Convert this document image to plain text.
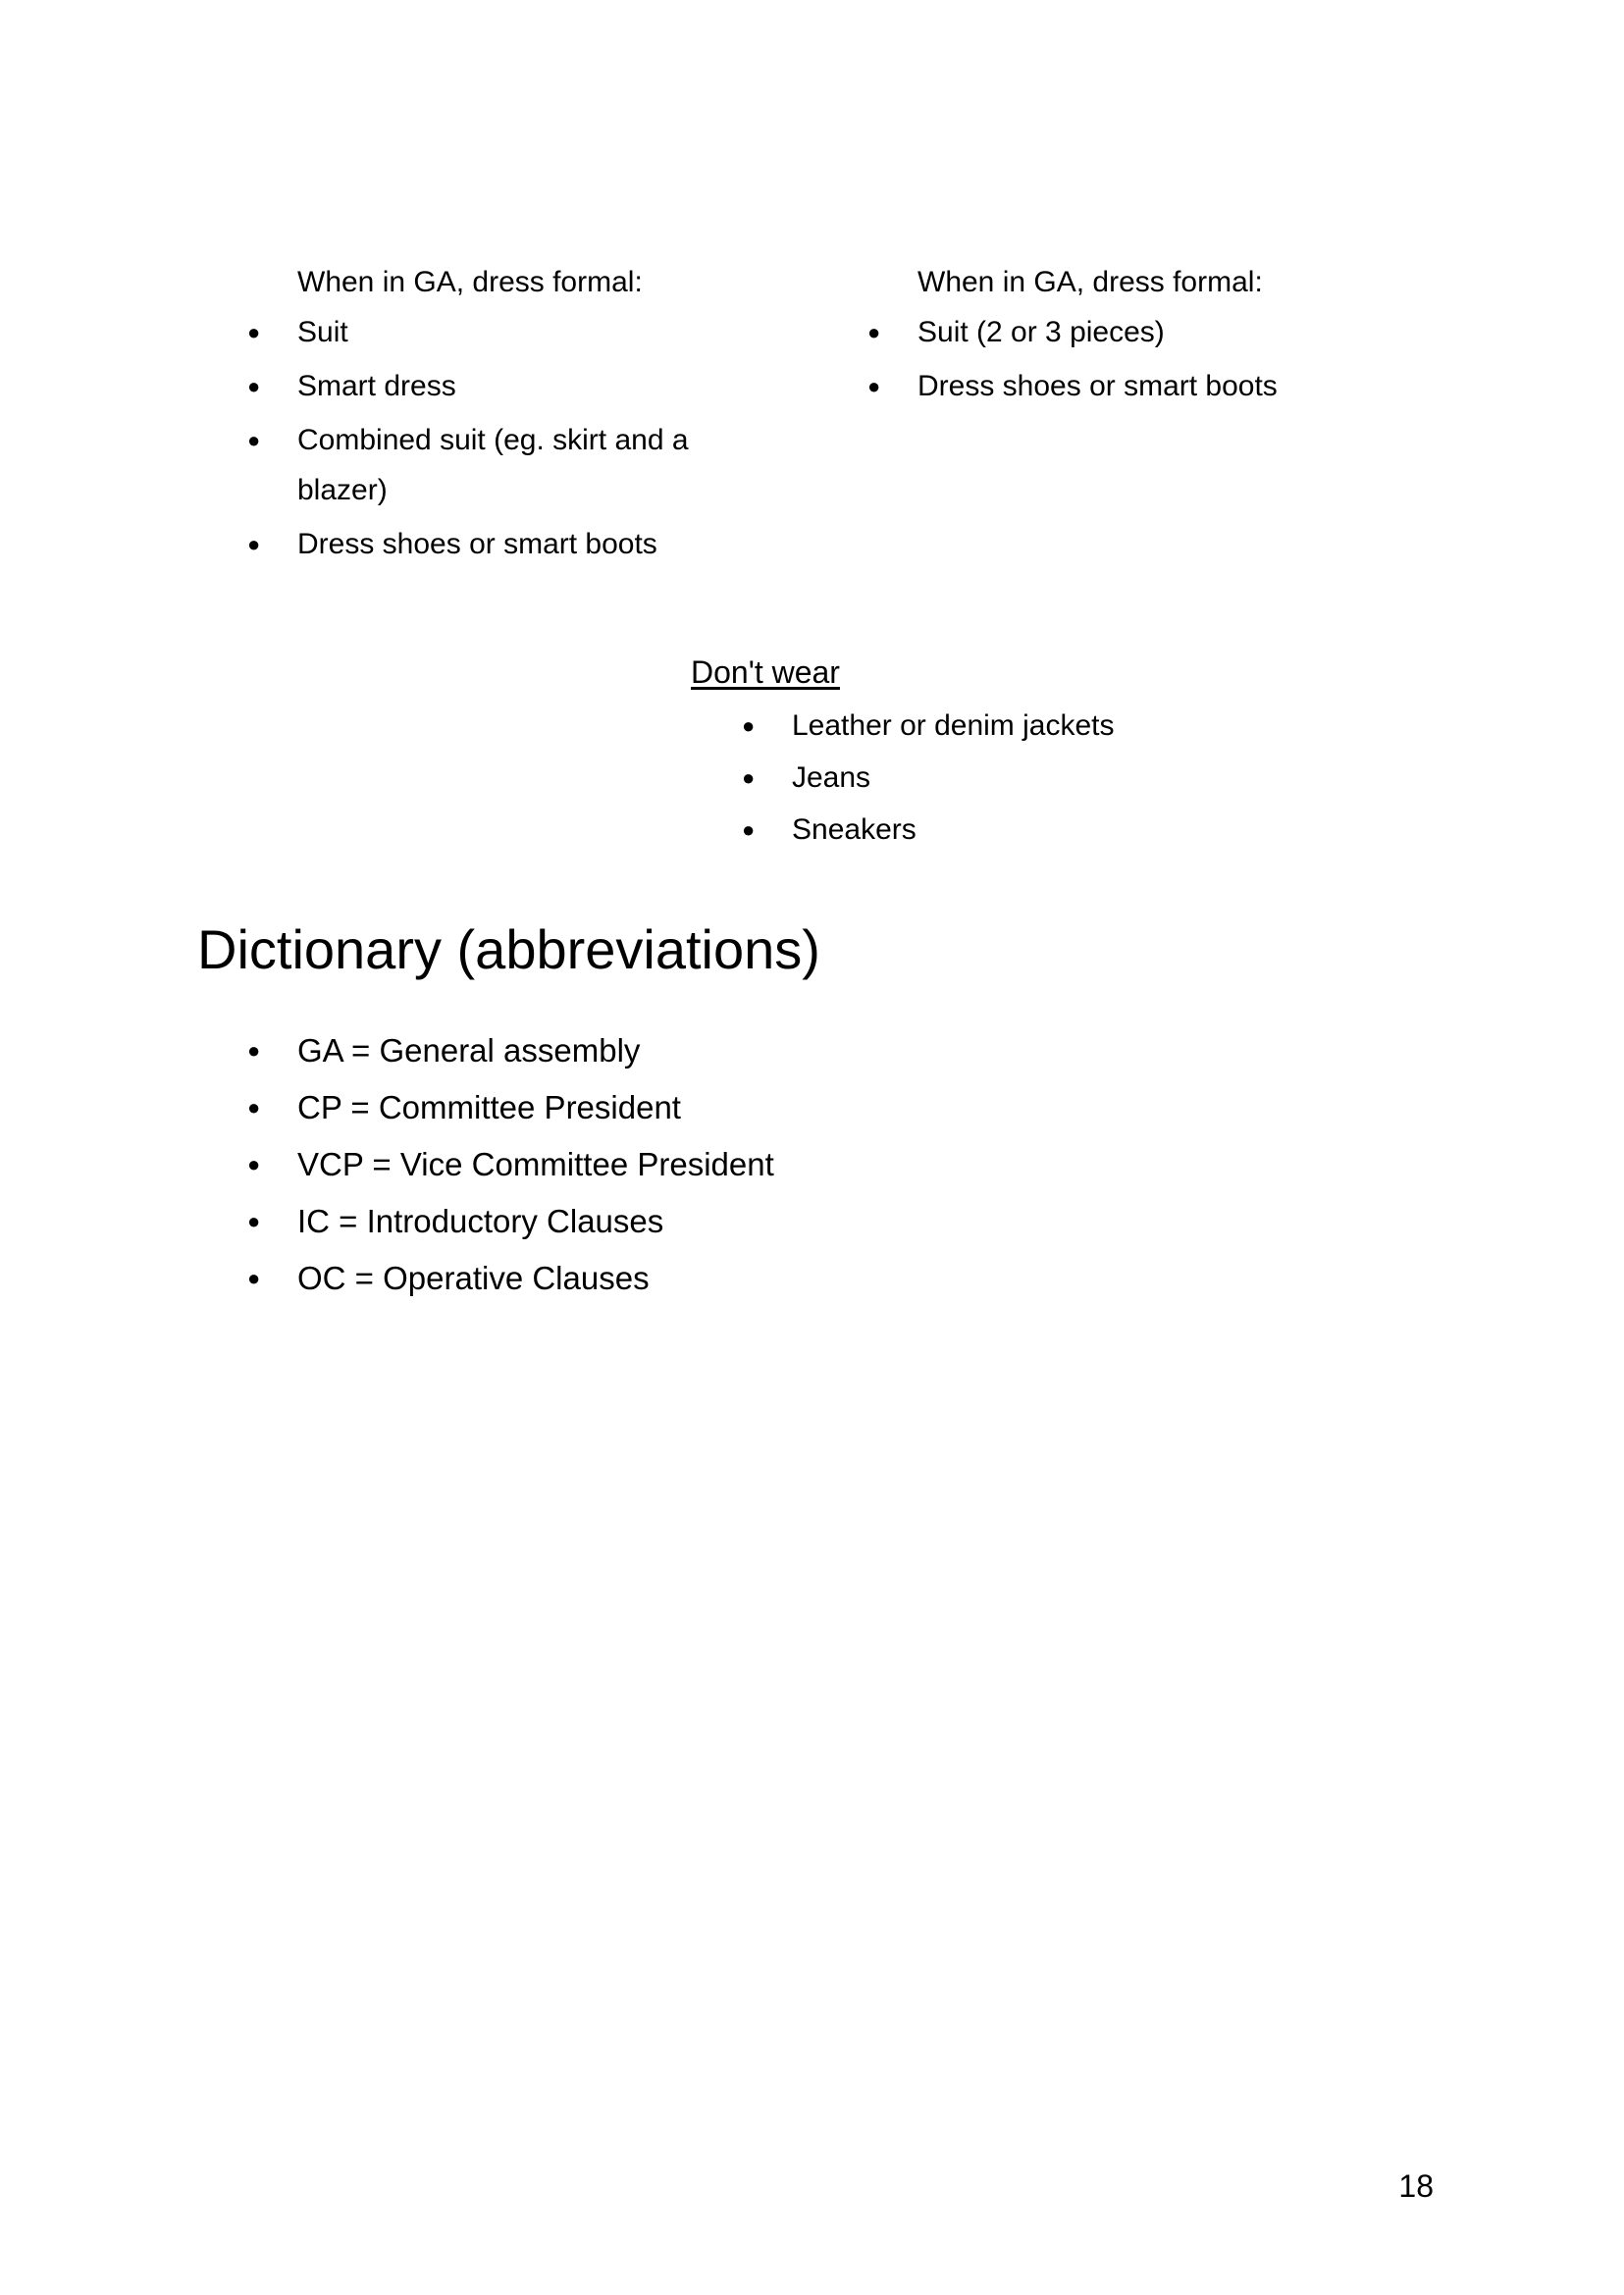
When in GA, dress formal:

● Suit
● Smart dress
● Combined suit (eg. skirt and a blazer)
● Dress shoes or smart boots

When in GA, dress formal:

● Suit (2 or 3 pieces)
● Dress shoes or smart boots

Don't wear

● Leather or denim jackets
● Jeans
● Sneakers
Dictionary (abbreviations)
● GA = General assembly
● CP = Committee President
● VCP = Vice Committee President
● IC = Introductory Clauses
● OC = Operative Clauses
18
